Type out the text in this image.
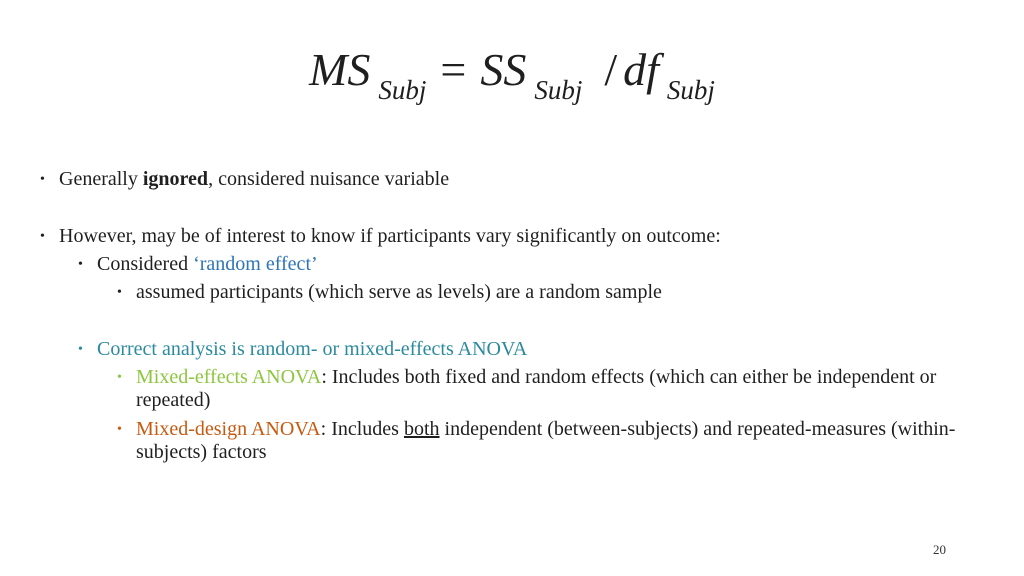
MS $_{Subj}$ = SS $_{Subj}$ / df $_{Subj}$
• Generally ignored, considered nuisance variable
• However, may be of interest to know if participants vary significantly on outcome:
• Considered ‘random effect’
• assumed participants (which serve as levels) are a random sample
• Correct analysis is random- or mixed-effects ANOVA
• Mixed-effects ANOVA: Includes both fixed and random effects (which can either be independent or repeated)
• Mixed-design ANOVA: Includes both independent (between-subjects) and repeated-measures (within-subjects) factors
20
